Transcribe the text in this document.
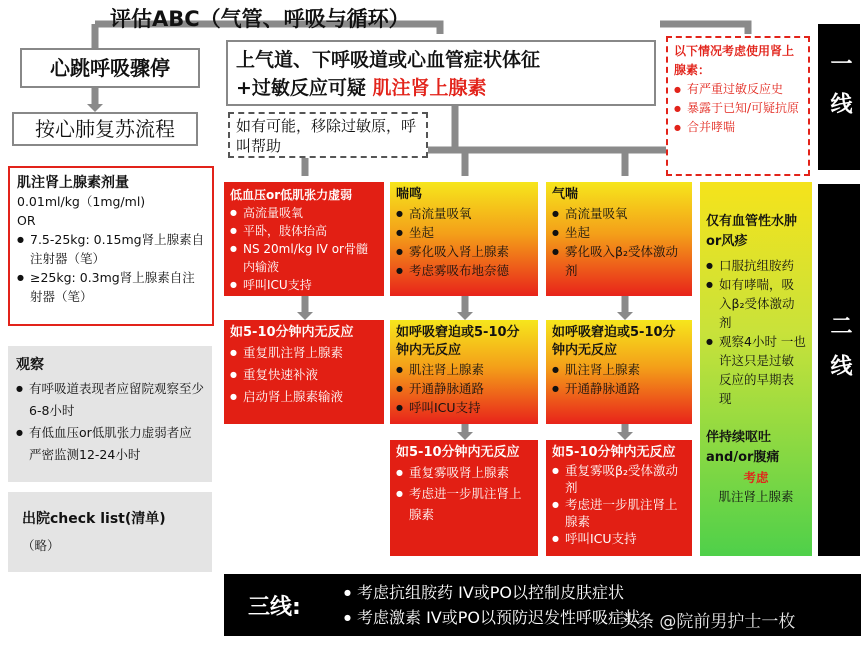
评估ABC（气管、呼吸与循环）
心跳呼吸骤停
按心肺复苏流程
肌注肾上腺素剂量
0.01ml/kg（1mg/ml)
OR
● 7.5-25kg: 0.15mg肾上腺素自注射器（笔）
● ≥25kg: 0.3mg肾上腺素自注射器（笔）
观察
● 有呼吸道表现者应留院观察至少6-8小时
● 有低血压or低肌张力虚弱者应严密监测12-24小时
出院check list(清单)
（略）
上气道、下呼吸道或心血管症状体征
+过敏反应可疑 肌注肾上腺素
如有可能，移除过敏原，呼叫帮助
以下情况考虑使用肾上腺素：
● 有严重过敏反应史
● 暴露于已知/可疑抗原
● 合并哮喘
低血压or低肌张力虚弱
● 高流量吸氧
● 平卧，肢体抬高
● NS 20ml/kg IV or骨髓内输液
● 呼叫ICU支持
如5-10分钟内无反应
● 重复肌注肾上腺素
● 重复快速补液
● 启动肾上腺素输液
喘鸣
● 高流量吸氧
● 坐起
● 雾化吸入肾上腺素
● 考虑雾吸布地奈德
如呼吸窘迫或5-10分钟内无反应
● 肌注肾上腺素
● 开通静脉通路
● 呼叫ICU支持
如5-10分钟内无反应
● 重复雾吸肾上腺素
● 考虑进一步肌注肾上腺素
气喘
● 高流量吸氧
● 坐起
● 雾化吸入β₂受体激动剂
如呼吸窘迫或5-10分钟内无反应
● 肌注肾上腺素
● 开通静脉通路
如5-10分钟内无反应
● 重复雾吸β₂受体激动剂
● 考虑进一步肌注肾上腺素
● 呼叫ICU支持
仅有血管性水肿or风疹
● 口服抗组胺药
● 如有哮喘，吸入β₂受体激动剂
● 观察4小时 一也许这只是过敏反应的早期表现
伴持续呕吐and/or腹痛
考虑
肌注肾上腺素
一线
二线
三线:
● 考虑抗组胺药 IV或PO以控制皮肤症状
● 考虑激素 IV或PO以预防迟发性呼吸症状
头条 @院前男护士一枚
